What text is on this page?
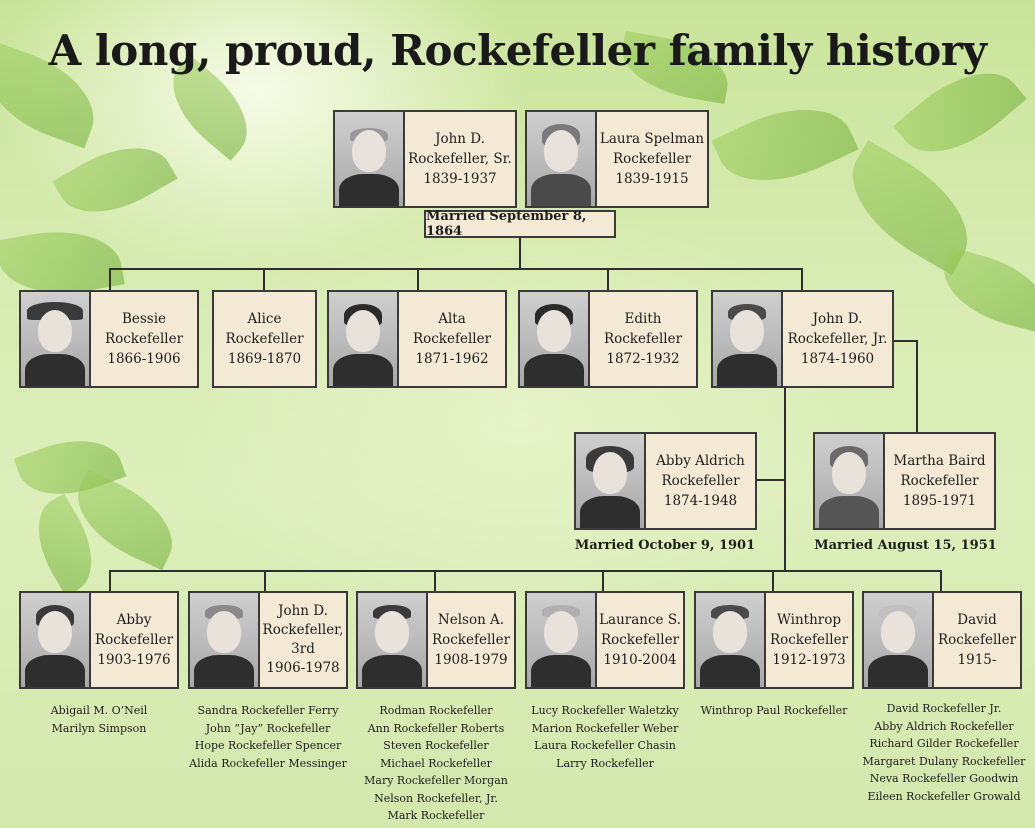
A long, proud, Rockefeller family history
John D.
Rockefeller, Sr.
1839-1937
Laura Spelman
Rockefeller
1839-1915
Married September 8, 1864
Bessie
Rockefeller
1866-1906
Alice
Rockefeller
1869-1870
Alta
Rockefeller
1871-1962
Edith
Rockefeller
1872-1932
John D.
Rockefeller, Jr.
1874-1960
Abby Aldrich
Rockefeller
1874-1948
Married October 9, 1901
Martha Baird
Rockefeller
1895-1971
Married August 15, 1951
Abby
Rockefeller
1903-1976
John D.
Rockefeller,
3rd
1906-1978
Nelson A.
Rockefeller
1908-1979
Laurance S.
Rockefeller
1910-2004
Winthrop
Rockefeller
1912-1973
David
Rockefeller
1915-
Abigail M. O’Neil
Marilyn Simpson
Sandra Rockefeller Ferry
John “Jay” Rockefeller
Hope Rockefeller Spencer
Alida Rockefeller Messinger
Rodman Rockefeller
Ann Rockefeller Roberts
Steven Rockefeller
Michael Rockefeller
Mary Rockefeller Morgan
Nelson Rockefeller, Jr.
Mark Rockefeller
Lucy Rockefeller Waletzky
Marion Rockefeller Weber
Laura Rockefeller Chasin
Larry Rockefeller
Winthrop Paul Rockefeller	David Rockefeller Jr.
Abby Aldrich Rockefeller
Richard Gilder Rockefeller
Margaret Dulany Rockefeller
Neva Rockefeller Goodwin
Eileen Rockefeller Growald
